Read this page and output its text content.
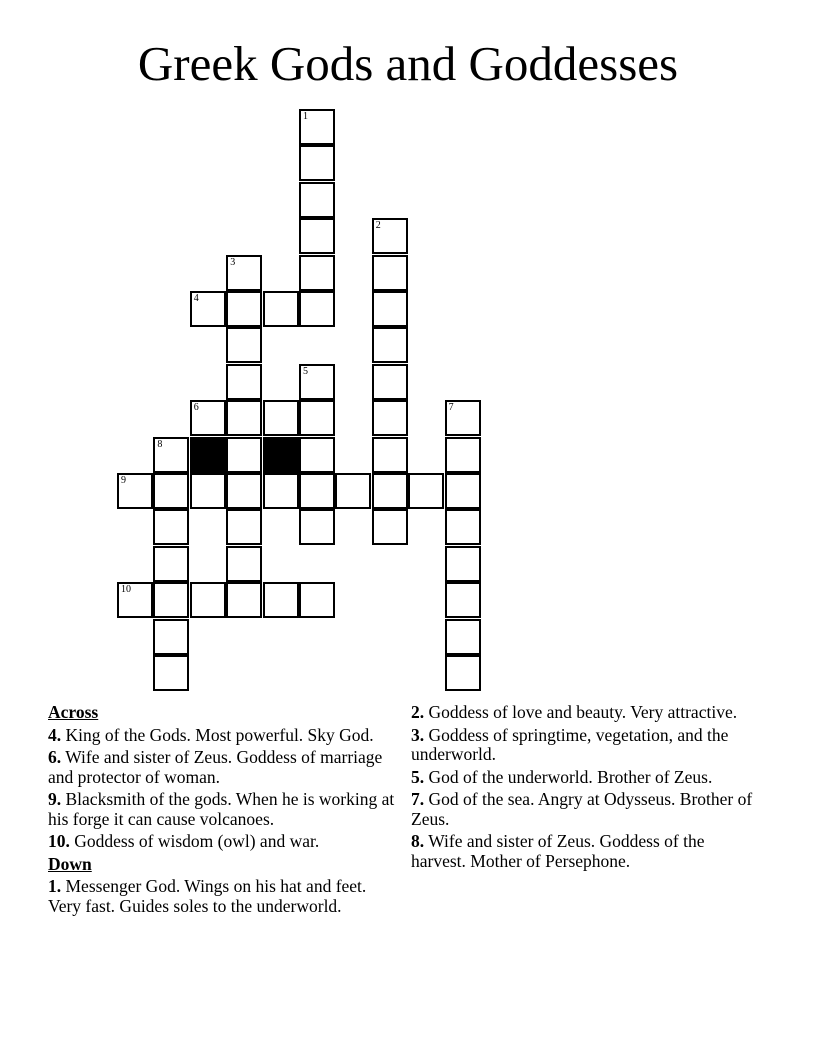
Greek Gods and Goddesses
1
2
3
4
5
6	7
8
9
10
Across
4. King of the Gods. Most powerful. Sky God.
6. Wife and sister of Zeus. Goddess of marriage and protector of woman.
9. Blacksmith of the gods. When he is working at his forge it can cause volcanoes.
10. Goddess of wisdom (owl) and war.
Down
1. Messenger God. Wings on his hat and feet. Very fast. Guides soles to the underworld.
2. Goddess of love and beauty. Very attractive.
3. Goddess of springtime, vegetation, and the underworld.
5. God of the underworld. Brother of Zeus.
7. God of the sea. Angry at Odysseus. Brother of Zeus.
8. Wife and sister of Zeus. Goddess of the harvest. Mother of Persephone.
